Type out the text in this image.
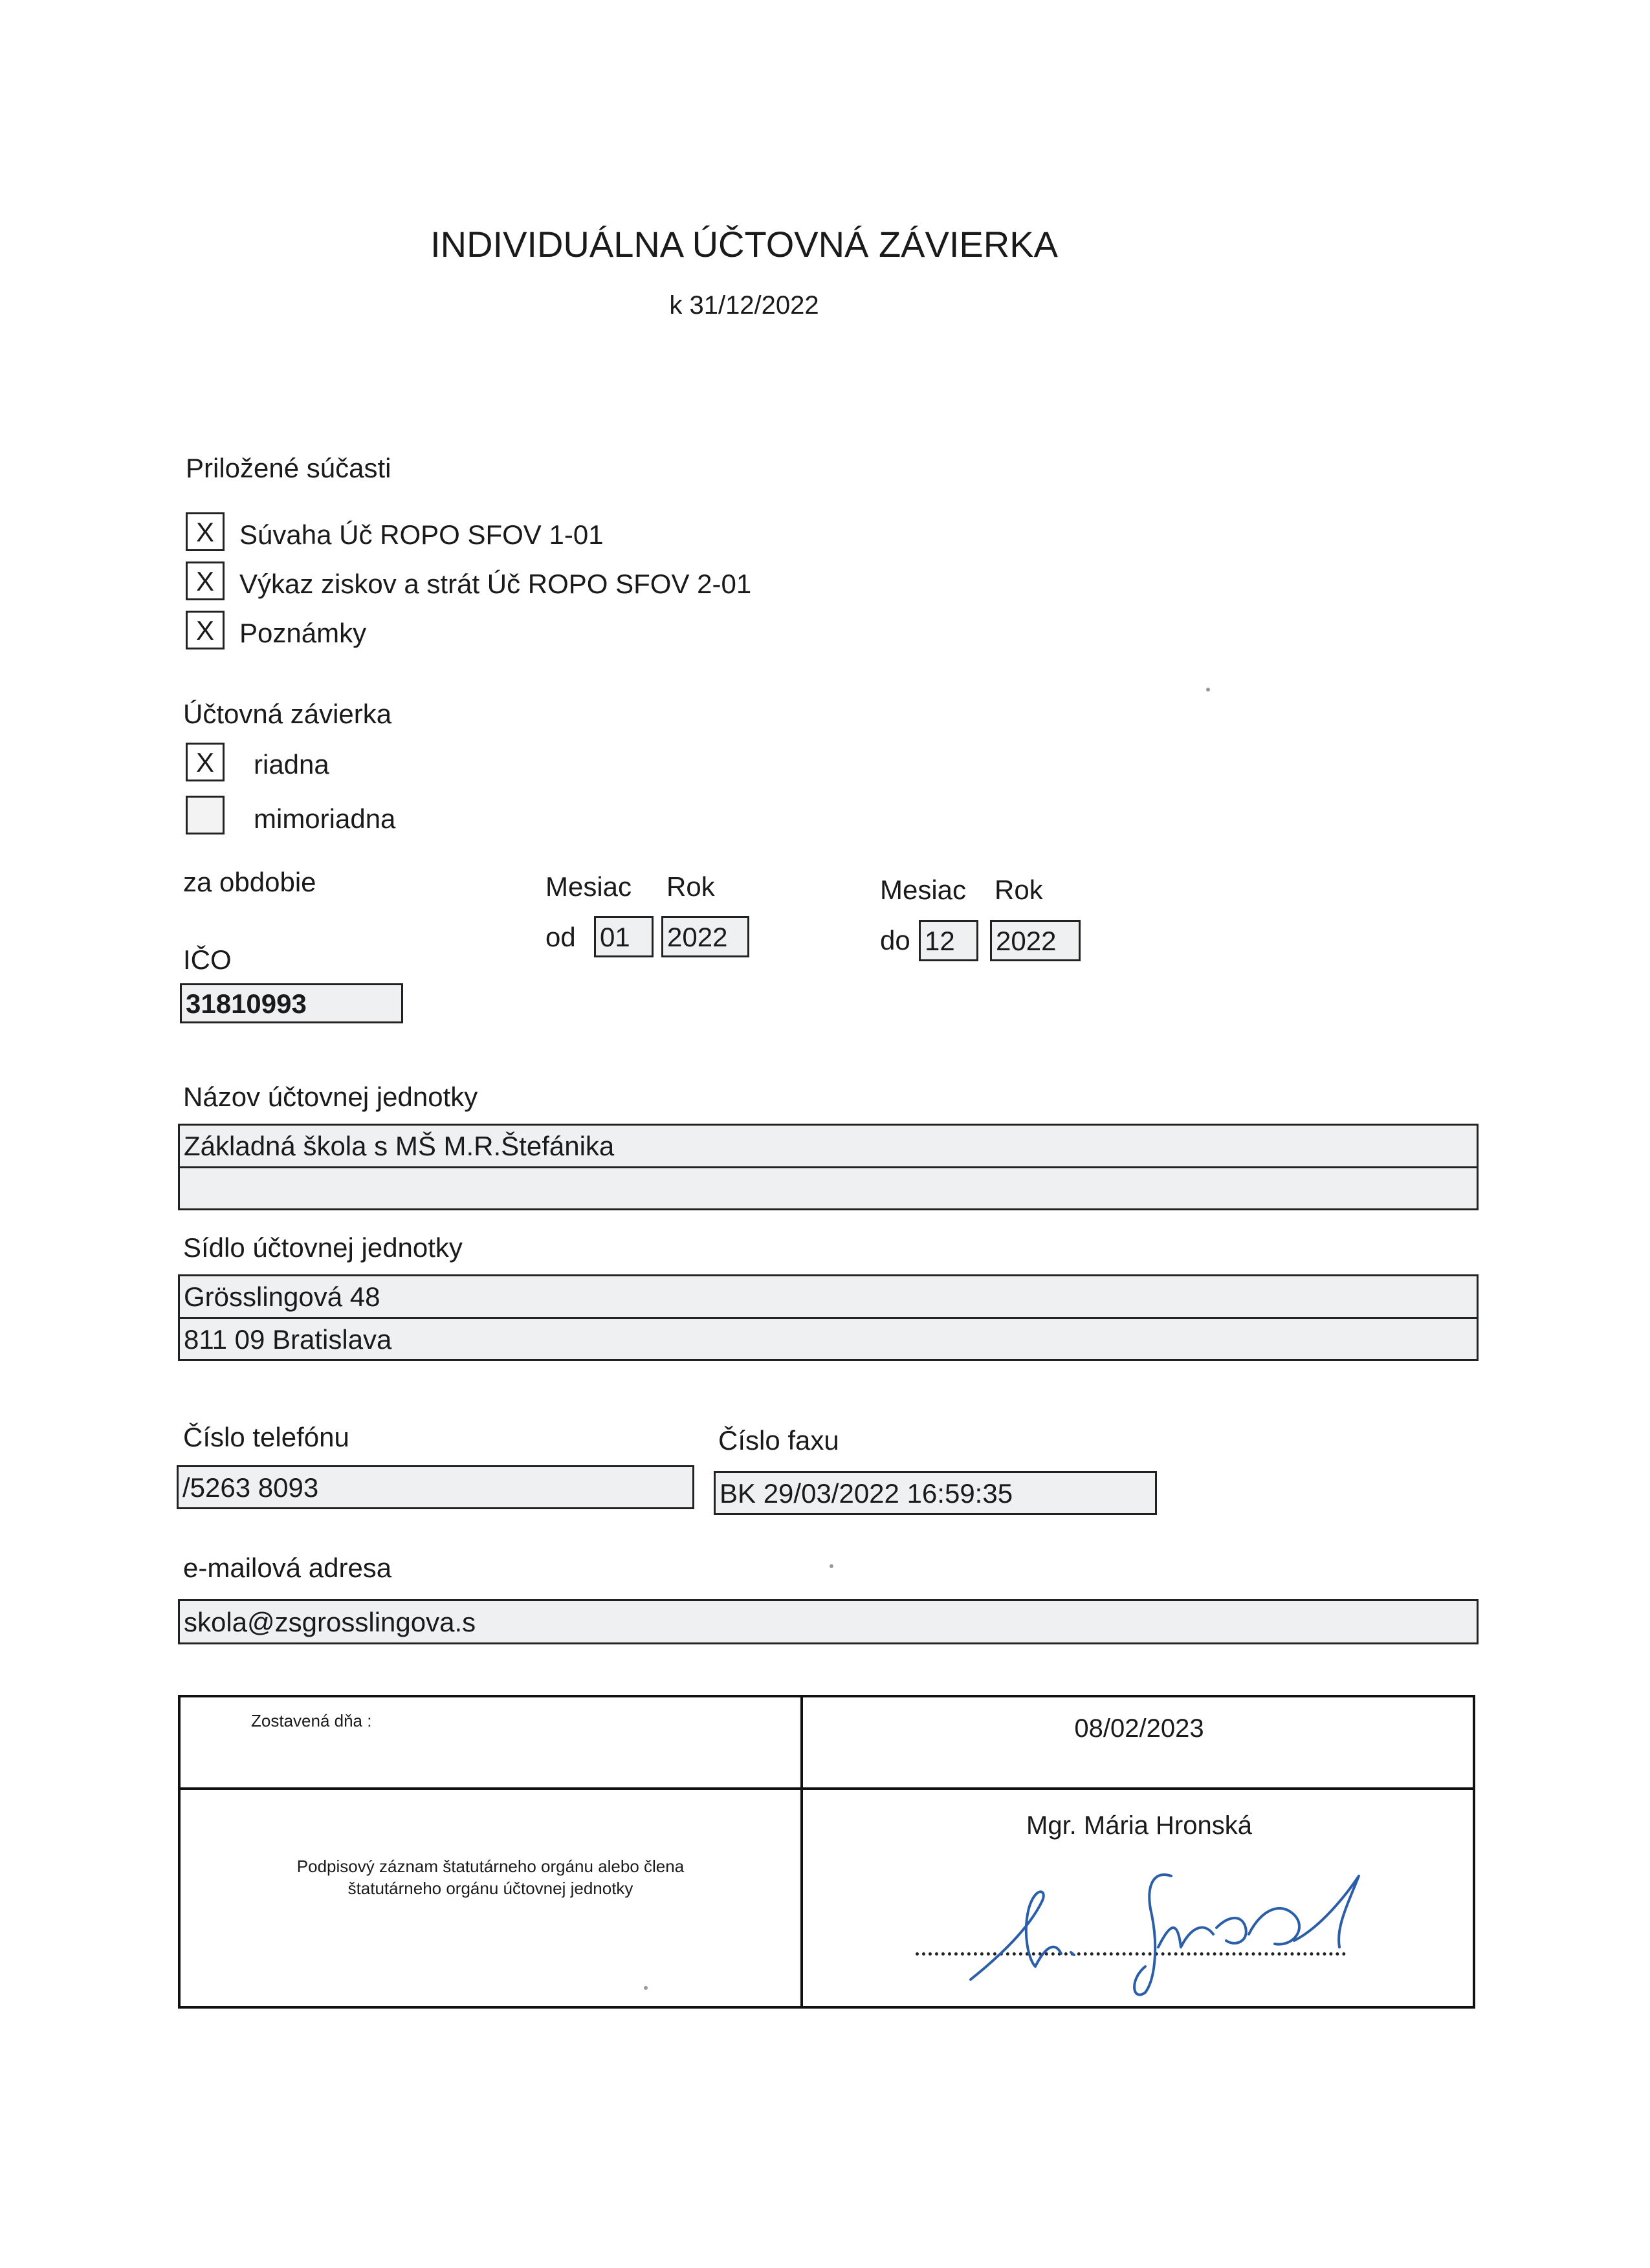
INDIVIDUÁLNA ÚČTOVNÁ ZÁVIERKA
k 31/12/2022
Priložené súčasti
X Súvaha Úč ROPO SFOV 1-01
X Výkaz ziskov a strát Úč ROPO SFOV 2-01
X Poznámky
Účtovná závierka
X	riadna
mimoriadna
za obdobie	Mesiac Rok
od 01	2022
Mesiac Rok
do 12	2022
IČO
31810993
Názov účtovnej jednotky
Základná škola s MŠ M.R.Štefánika
Sídlo účtovnej jednotky
Grösslingová 48
811 09 Bratislava
Číslo telefónu
/5263 8093
Číslo faxu
BK 29/03/2022 16:59:35
e-mailová adresa
skola@zsgrosslingova.s
Zostavená dňa :	08/02/2023
Podpisový záznam štatutárneho orgánu alebo člena
štatutárneho orgánu účtovnej jednotky
Mgr. Mária Hronská
